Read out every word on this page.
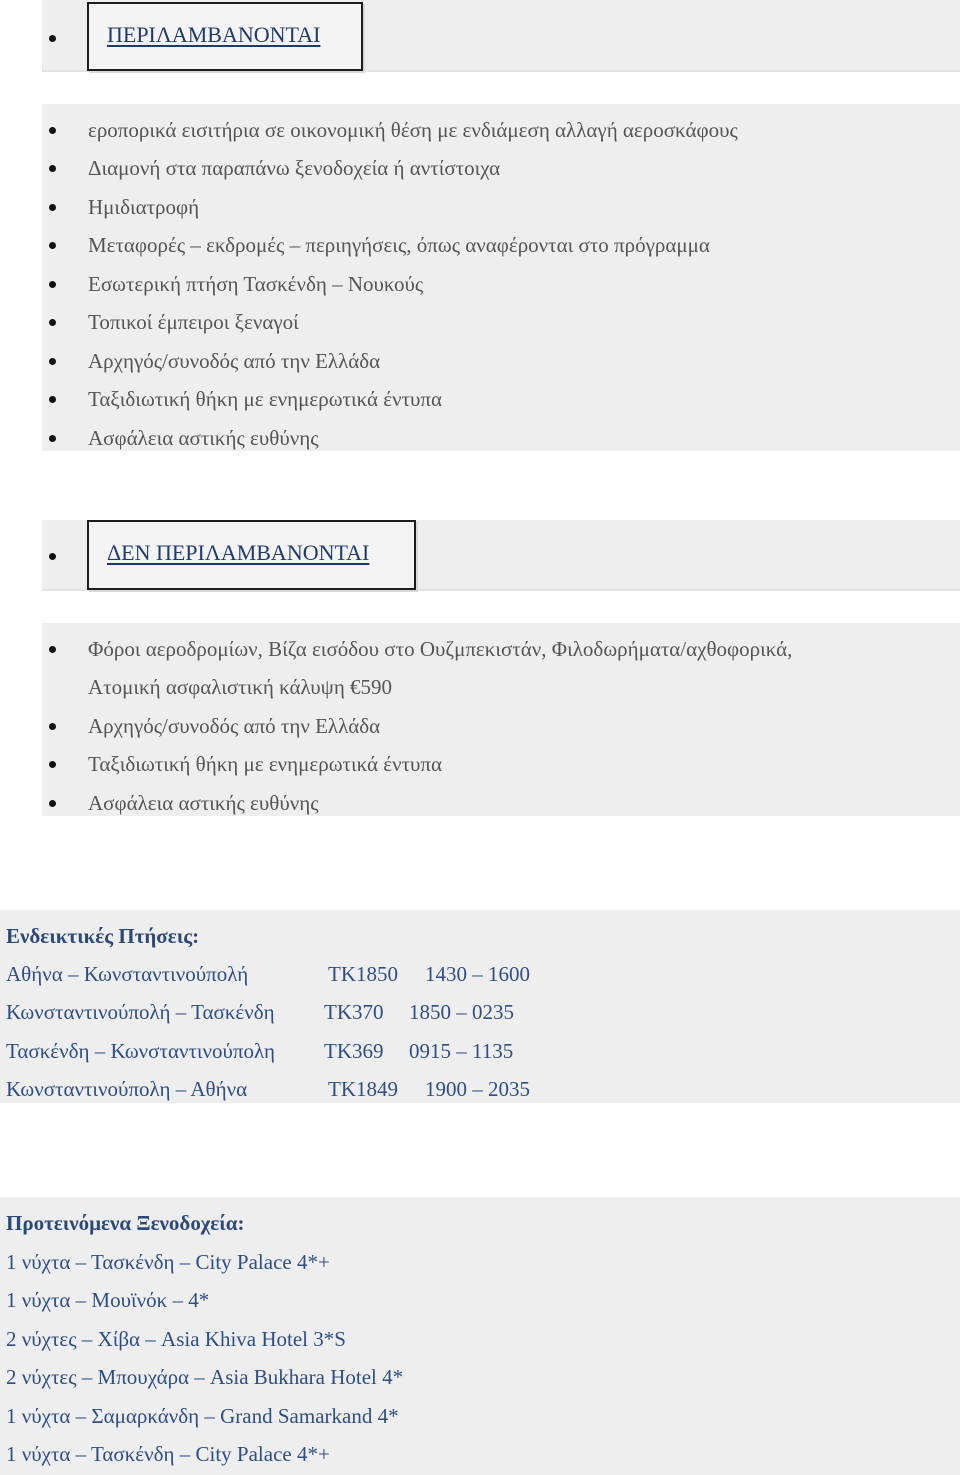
ΠΕΡΙΛΑΜΒΑΝΟΝΤΑΙ
εροπορικά εισιτήρια σε οικονομική θέση με ενδιάμεση αλλαγή αεροσκάφους
Διαμονή στα παραπάνω ξενοδοχεία ή αντίστοιχα
Ημιδιατροφή
Μεταφορές – εκδρομές – περιηγήσεις, όπως αναφέρονται στο πρόγραμμα
Εσωτερική πτήση Τασκένδη – Νουκούς
Τοπικοί έμπειροι ξεναγοί
Αρχηγός/συνοδός από την Ελλάδα
Ταξιδιωτική θήκη με ενημερωτικά έντυπα
Ασφάλεια αστικής ευθύνης
ΔΕΝ ΠΕΡΙΛΑΜΒΑΝΟΝΤΑΙ
Φόροι αεροδρομίων, Βίζα εισόδου στο Ουζμπεκιστάν, Φιλοδωρήματα/αχθοφορικά,
Ατομική ασφαλιστική κάλυψη €590
Αρχηγός/συνοδός από την Ελλάδα
Ταξιδιωτική θήκη με ενημερωτικά έντυπα
Ασφάλεια αστικής ευθύνης
Ενδεικτικές Πτήσεις:
Αθήνα – Κωνσταντινούπολή	TK1850 1430 – 1600
Κωνσταντινούπολή – Τασκένδη TK370 1850 – 0235
Τασκένδη – Κωνσταντινούπολη TK369 0915 – 1135
Κωνσταντινούπολη – Αθήνα	TK1849 1900 – 2035
Προτεινόμενα Ξενοδοχεία:
1 νύχτα – Τασκένδη – City Palace 4*+
1 νύχτα – Μουϊνόκ – 4*
2 νύχτες – Χίβα – Asia Khiva Hotel 3*S
2 νύχτες – Μπουχάρα – Asia Bukhara Hotel 4*
1 νύχτα – Σαμαρκάνδη – Grand Samarkand 4*
1 νύχτα – Τασκένδη – City Palace 4*+
